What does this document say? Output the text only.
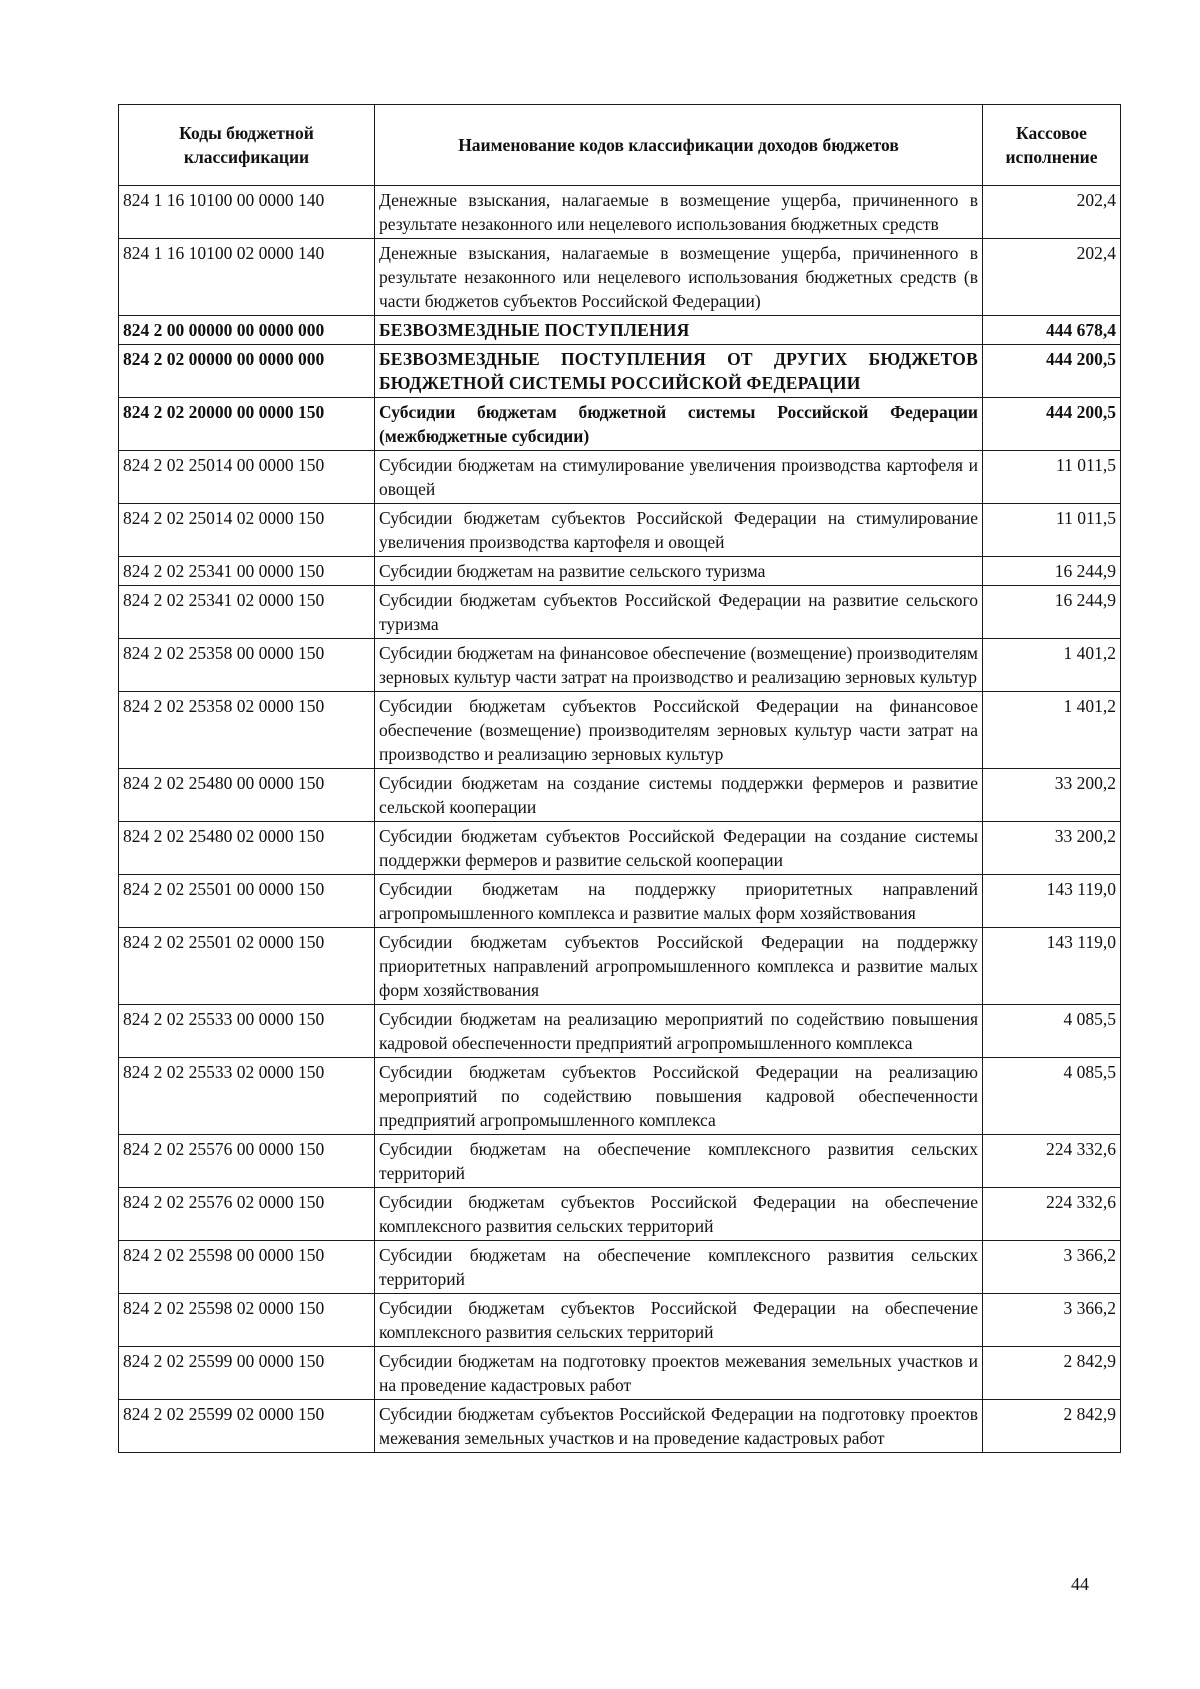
Коды бюджетной классификации	Наименование кодов классификации доходов бюджетов	Кассовое исполнение
824 1 16 10100 00 0000 140	Денежные взыскания, налагаемые в возмещение ущерба, причиненного в результате незаконного или нецелевого использования бюджетных средств	202,4
824 1 16 10100 02 0000 140	Денежные взыскания, налагаемые в возмещение ущерба, причиненного в результате незаконного или нецелевого использования бюджетных средств (в части бюджетов субъектов Российской Федерации)	202,4
824 2 00 00000 00 0000 000	БЕЗВОЗМЕЗДНЫЕ ПОСТУПЛЕНИЯ	444 678,4
824 2 02 00000 00 0000 000	БЕЗВОЗМЕЗДНЫЕ ПОСТУПЛЕНИЯ ОТ ДРУГИХ БЮДЖЕТОВ БЮДЖЕТНОЙ СИСТЕМЫ РОССИЙСКОЙ ФЕДЕРАЦИИ	444 200,5
824 2 02 20000 00 0000 150	Субсидии бюджетам бюджетной системы Российской Федерации (межбюджетные субсидии)	444 200,5
824 2 02 25014 00 0000 150	Субсидии бюджетам на стимулирование увеличения производства картофеля и овощей	11 011,5
824 2 02 25014 02 0000 150	Субсидии бюджетам субъектов Российской Федерации на стимулирование увеличения производства картофеля и овощей	11 011,5
824 2 02 25341 00 0000 150	Субсидии бюджетам на развитие сельского туризма	16 244,9
824 2 02 25341 02 0000 150	Субсидии бюджетам субъектов Российской Федерации на развитие сельского туризма	16 244,9
824 2 02 25358 00 0000 150	Субсидии бюджетам на финансовое обеспечение (возмещение) производителям зерновых культур части затрат на производство и реализацию зерновых культур	1 401,2
824 2 02 25358 02 0000 150	Субсидии бюджетам субъектов Российской Федерации на финансовое обеспечение (возмещение) производителям зерновых культур части затрат на производство и реализацию зерновых культур	1 401,2
824 2 02 25480 00 0000 150	Субсидии бюджетам на создание системы поддержки фермеров и развитие сельской кооперации	33 200,2
824 2 02 25480 02 0000 150	Субсидии бюджетам субъектов Российской Федерации на создание системы поддержки фермеров и развитие сельской кооперации	33 200,2
824 2 02 25501 00 0000 150	Субсидии бюджетам на поддержку приоритетных направлений агропромышленного комплекса и развитие малых форм хозяйствования	143 119,0
824 2 02 25501 02 0000 150	Субсидии бюджетам субъектов Российской Федерации на поддержку приоритетных направлений агропромышленного комплекса и развитие малых форм хозяйствования	143 119,0
824 2 02 25533 00 0000 150	Субсидии бюджетам на реализацию мероприятий по содействию повышения кадровой обеспеченности предприятий агропромышленного комплекса	4 085,5
824 2 02 25533 02 0000 150	Субсидии бюджетам субъектов Российской Федерации на реализацию мероприятий по содействию повышения кадровой обеспеченности предприятий агропромышленного комплекса	4 085,5
824 2 02 25576 00 0000 150	Субсидии бюджетам на обеспечение комплексного развития сельских территорий	224 332,6
824 2 02 25576 02 0000 150	Субсидии бюджетам субъектов Российской Федерации на обеспечение комплексного развития сельских территорий	224 332,6
824 2 02 25598 00 0000 150	Субсидии бюджетам на обеспечение комплексного развития сельских территорий	3 366,2
824 2 02 25598 02 0000 150	Субсидии бюджетам субъектов Российской Федерации на обеспечение комплексного развития сельских территорий	3 366,2
824 2 02 25599 00 0000 150	Субсидии бюджетам на подготовку проектов межевания земельных участков и на проведение кадастровых работ	2 842,9
824 2 02 25599 02 0000 150	Субсидии бюджетам субъектов Российской Федерации на подготовку проектов межевания земельных участков и на проведение кадастровых работ	2 842,9
44
